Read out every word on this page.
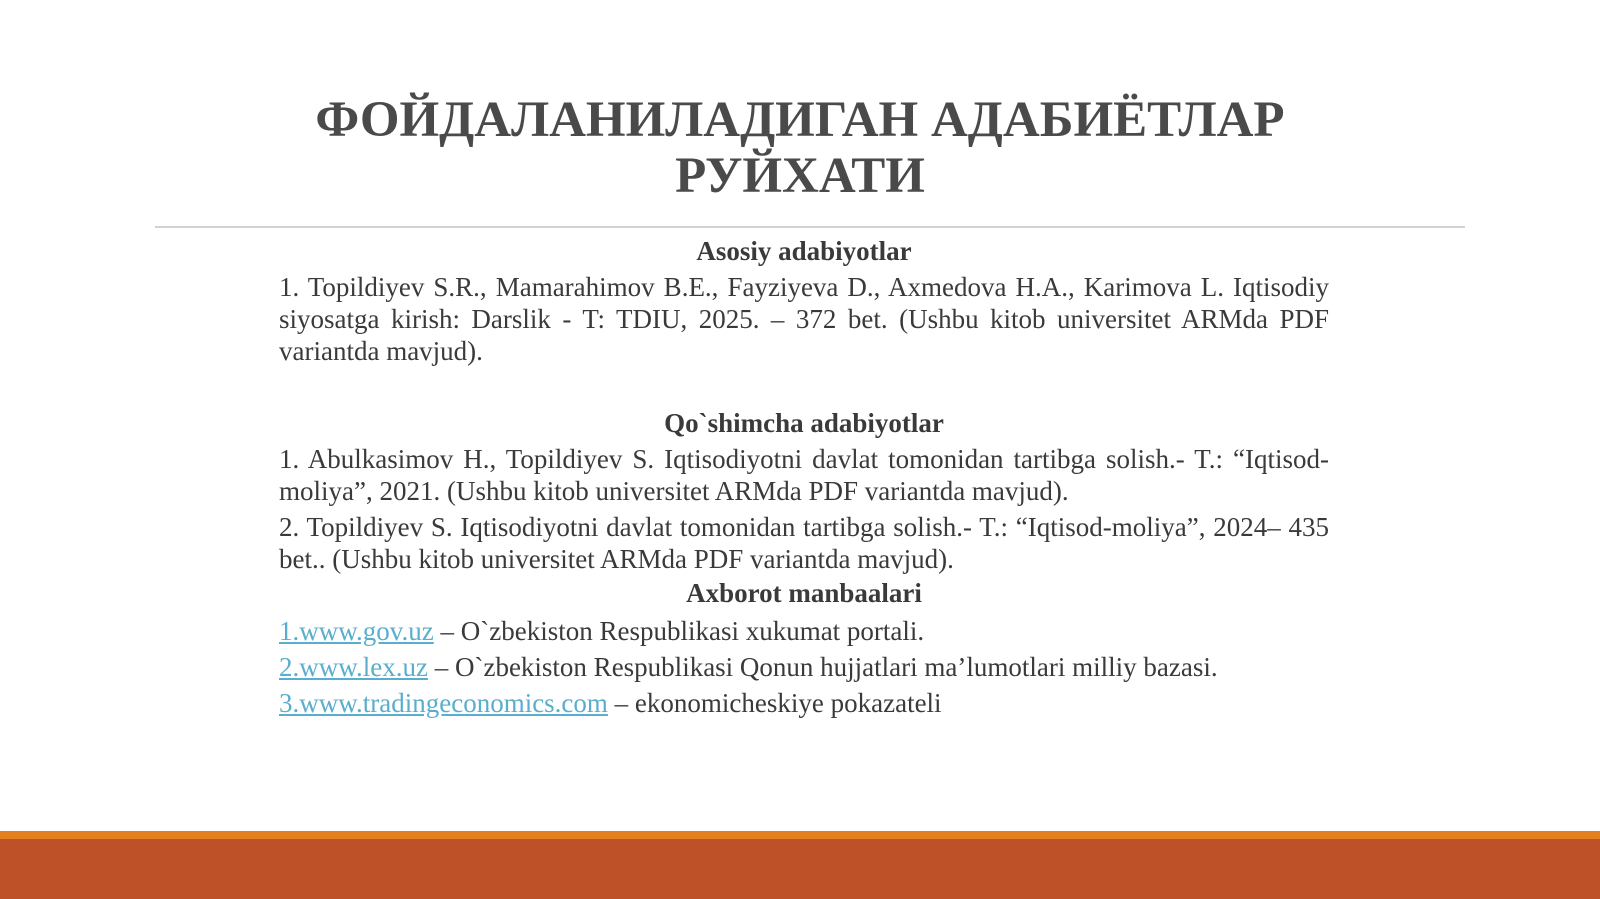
ФОЙДАЛАНИЛАДИГАН АДАБИЁТЛАР
РУЙХАТИ

Asosiy adabiyotlar

1. Topildiyev S.R., Mamarahimov B.E., Fayziyeva D., Axmedova H.A., Karimova L. Iqtisodiy siyosatga kirish: Darslik - T: TDIU, 2025. – 372 bet. (Ushbu kitob universitet ARMda PDF variantda mavjud).

Qo`shimcha adabiyotlar

1. Abulkasimov H., Topildiyev S. Iqtisodiyotni davlat tomonidan tartibga solish.- T.: “Iqtisod-moliya”, 2021. (Ushbu kitob universitet ARMda PDF variantda mavjud).

2. Topildiyev S. Iqtisodiyotni davlat tomonidan tartibga solish.- T.: “Iqtisod-moliya”, 2024– 435 bet.. (Ushbu kitob universitet ARMda PDF variantda mavjud).

Axborot manbaalari

1.www.gov.uz – O`zbekiston Respublikasi xukumat portali.

2.www.lex.uz – O`zbekiston Respublikasi Qonun hujjatlari ma’lumotlari milliy bazasi.

3.www.tradingeconomics.com – ekonomicheskiye pokazateli
